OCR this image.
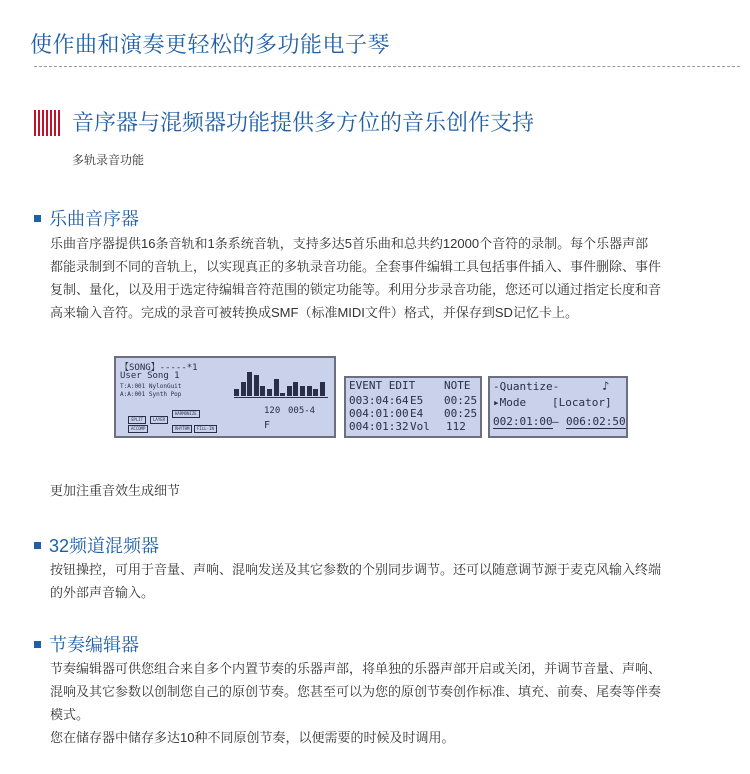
使作曲和演奏更轻松的多功能电子琴
音序器与混频器功能提供多方位的音乐创作支持
多轨录音功能
乐曲音序器
乐曲音序器提供16条音轨和1条系统音轨，支持多达5首乐曲和总共约12000个音符的录制。每个乐器声部
都能录制到不同的音轨上，以实现真正的多轨录音功能。全套事件编辑工具包括事件插入、事件删除、事件
复制、量化，以及用于选定待编辑音符范围的锁定功能等。利用分步录音功能，您还可以通过指定长度和音
高来输入音符。完成的录音可被转换成SMF（标准MIDI文件）格式，并保存到SD记忆卡上。
【SONG】-----*1
User Song 1
T:A:001 NylonGuit
A:A:001 Synth Pop
120 005-4
F
SPLIT	LAYER
ACCOMP	RHYTHM	FILL-IN
HARMONIZE
EVENT EDIT	NOTE
003:04:64 E5 00:25
004:01:00 E4 00:25
004:01:32 Vol 112
-Quantize-	♪
▸Mode [Locator]
002:01:00 — 006:02:50
更加注重音效生成细节
32频道混频器
按钮操控，可用于音量、声响、混响发送及其它参数的个别同步调节。还可以随意调节源于麦克风输入终端
的外部声音输入。
节奏编辑器
节奏编辑器可供您组合来自多个内置节奏的乐器声部，将单独的乐器声部开启或关闭，并调节音量、声响、
混响及其它参数以创制您自己的原创节奏。您甚至可以为您的原创节奏创作标准、填充、前奏、尾奏等伴奏
模式。
您在储存器中储存多达10种不同原创节奏，以便需要的时候及时调用。
